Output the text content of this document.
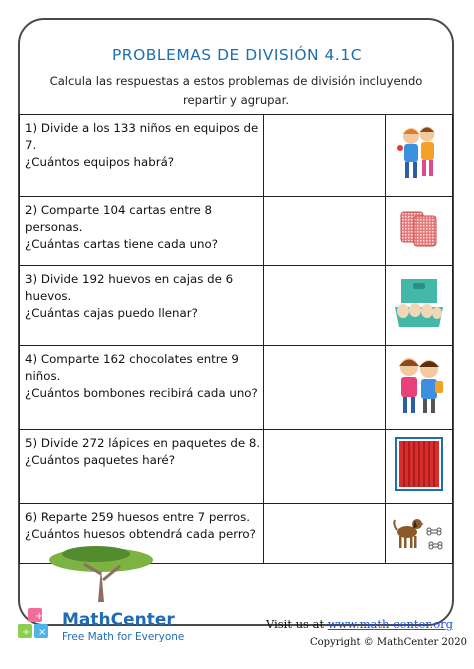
PROBLEMAS DE DIVISIÓN 4.1C
Calcula las respuestas a estos problemas de división incluyendo
repartir y agrupar.
1) Divide a los 133 niños en equipos de 7.
¿Cuántos equipos habrá?

2) Comparte 104 cartas entre 8 personas.
¿Cuántas cartas tiene cada uno?

3) Divide 192 huevos en cajas de 6 huevos.
¿Cuántas cajas puedo llenar?

4) Comparte 162 chocolates entre 9 niños.
¿Cuántos bombones recibirá cada uno?

5) Divide 272 lápices en paquetes de 8.
¿Cuántos paquetes haré?

6) Reparte 259 huesos entre 7 perros.
¿Cuántos huesos obtendrá cada perro?

+
÷ ×
MathCenter
Free Math for Everyone
Visit us at www.math-center.org
Copyright © MathCenter 2020
